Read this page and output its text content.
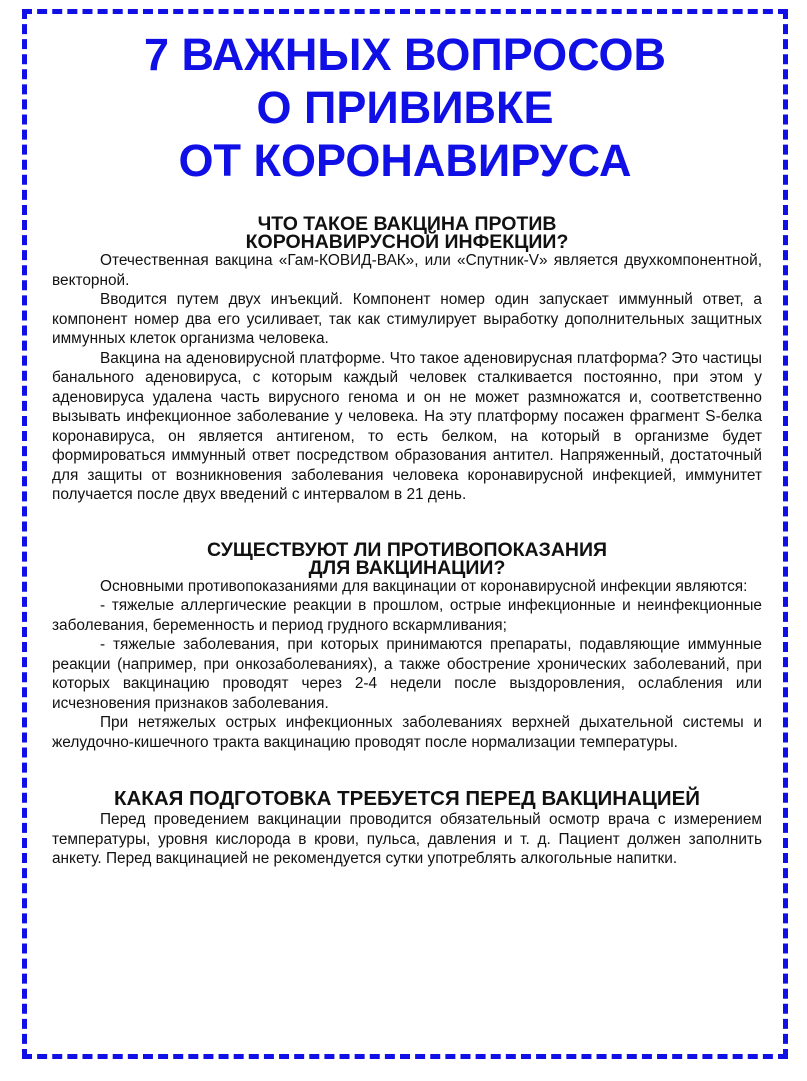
7 ВАЖНЫХ ВОПРОСОВ
О ПРИВИВКЕ
ОТ КОРОНАВИРУСА
ЧТО ТАКОЕ ВАКЦИНА ПРОТИВ
КОРОНАВИРУСНОЙ ИНФЕКЦИИ?

Отечественная вакцина «Гам-КОВИД-ВАК», или «Спутник-V» является двухкомпонентной, векторной.

Вводится путем двух инъекций. Компонент номер один запускает иммунный ответ, а компонент номер два его усиливает, так как стимулирует выработку дополнительных защитных иммунных клеток организма человека.

Вакцина на аденовирусной платформе. Что такое аденовирусная платформа? Это частицы банального аденовируса, с которым каждый человек сталкивается постоянно, при этом у аденовируса удалена часть вирусного генома и он не может размножатся и, соответственно вызывать инфекционное заболевание у человека. На эту платформу посажен фрагмент S-белка коронавируса, он является антигеном, то есть белком, на который в организме будет формироваться иммунный ответ посредством образования антител. Напряженный, достаточный для защиты от возникновения заболевания человека коронавирусной инфекцией, иммунитет получается после двух введений с интервалом в 21 день.

СУЩЕСТВУЮТ ЛИ ПРОТИВОПОКАЗАНИЯ
ДЛЯ ВАКЦИНАЦИИ?

Основными противопоказаниями для вакцинации от коронавирусной инфекции являются:

- тяжелые аллергические реакции в прошлом, острые инфекционные и неинфекционные заболевания, беременность и период грудного вскармливания;

- тяжелые заболевания, при которых принимаются препараты, подавляющие иммунные реакции (например, при онкозаболеваниях), а также обострение хронических заболеваний, при которых вакцинацию проводят через 2-4 недели после выздоровления, ослабления или исчезновения признаков заболевания.

При нетяжелых острых инфекционных заболеваниях верхней дыхательной системы и желудочно-кишечного тракта вакцинацию проводят после нормализации температуры.

КАКАЯ ПОДГОТОВКА ТРЕБУЕТСЯ ПЕРЕД ВАКЦИНАЦИЕЙ

Перед проведением вакцинации проводится обязательный осмотр врача с измерением температуры, уровня кислорода в крови, пульса, давления и т. д. Пациент должен заполнить анкету. Перед вакцинацией не рекомендуется сутки употреблять алкогольные напитки.
